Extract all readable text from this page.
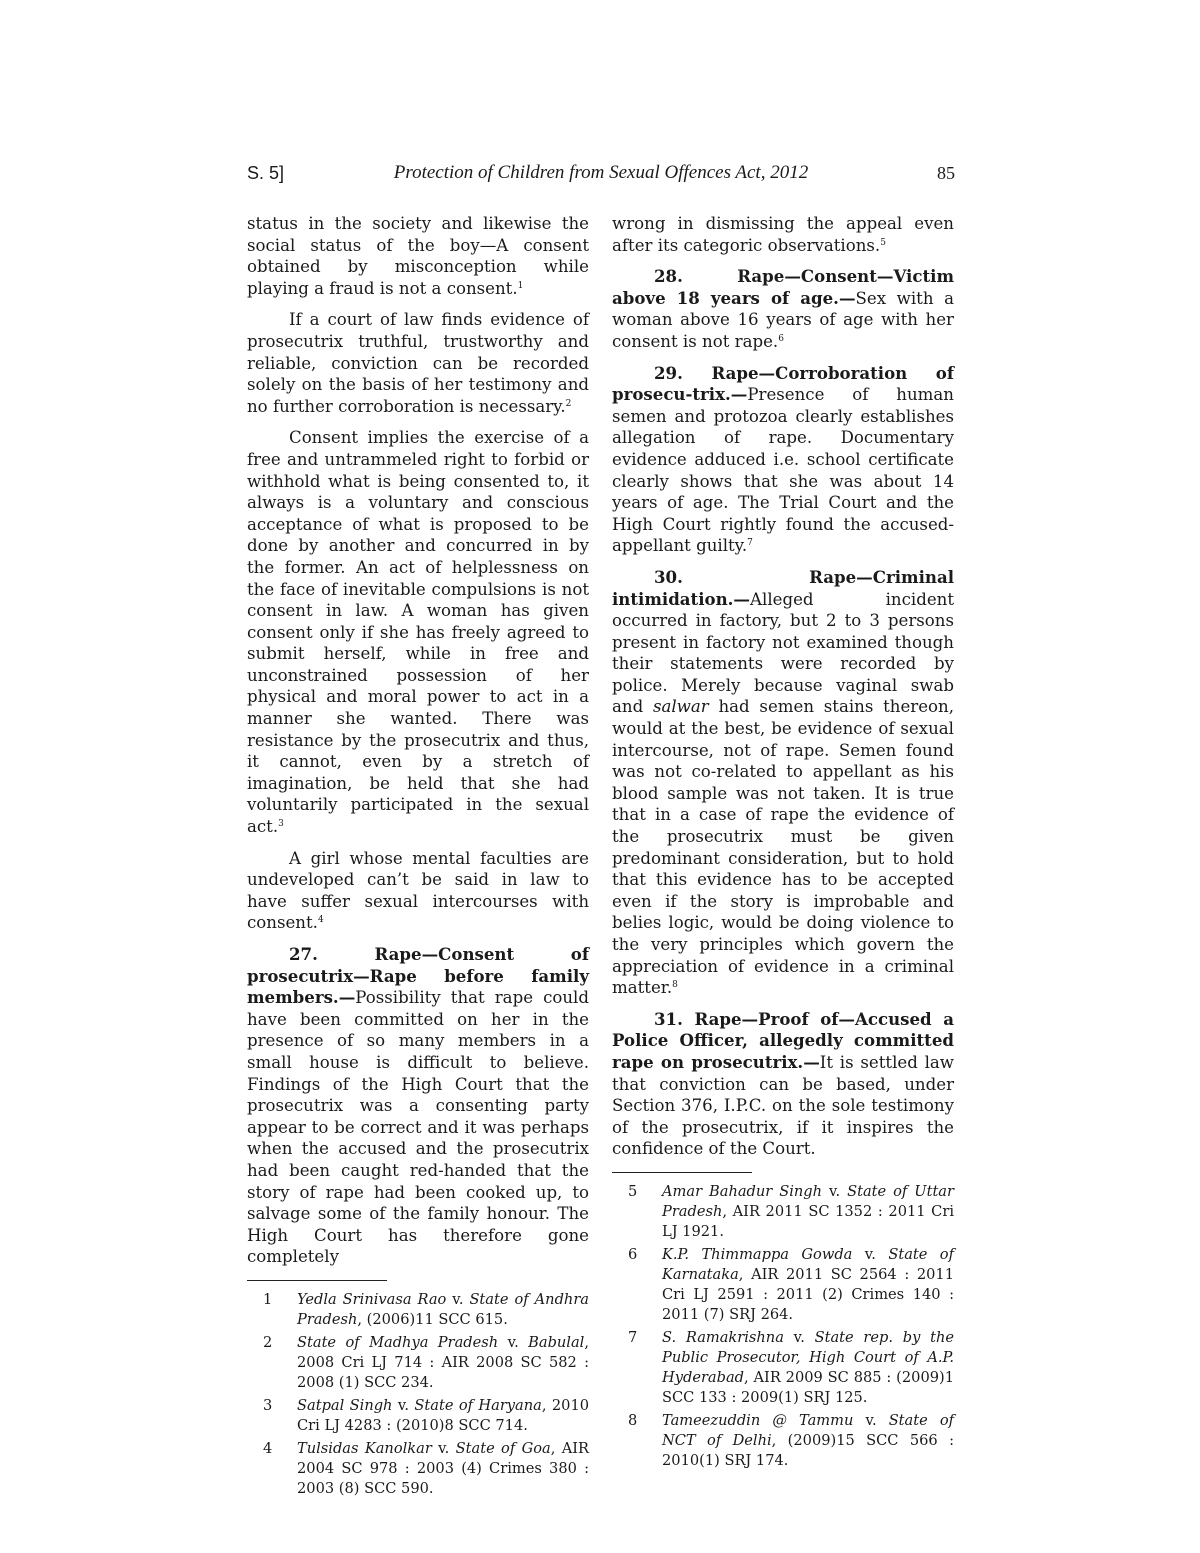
S. 5]	Protection of Children from Sexual Offences Act, 2012	85

status in the society and likewise the social status of the boy—A consent obtained by misconception while playing a fraud is not a consent.$^1$

If a court of law finds evidence of prosecutrix truthful, trustworthy and reliable, conviction can be recorded solely on the basis of her testimony and no further corroboration is necessary.$^2$

Consent implies the exercise of a free and untrammeled right to forbid or withhold what is being consented to, it always is a voluntary and conscious acceptance of what is proposed to be done by another and concurred in by the former. An act of helplessness on the face of inevitable compulsions is not consent in law. A woman has given consent only if she has freely agreed to submit herself, while in free and unconstrained possession of her physical and moral power to act in a manner she wanted. There was resistance by the prosecutrix and thus, it cannot, even by a stretch of imagination, be held that she had voluntarily participated in the sexual act.$^3$

A girl whose mental faculties are undeveloped can’t be said in law to have suffer sexual intercourses with consent.$^4$

27. Rape—Consent of prosecutrix—Rape before family members.—Possibility that rape could have been committed on her in the presence of so many members in a small house is difficult to believe. Findings of the High Court that the prosecutrix was a consenting party appear to be correct and it was perhaps when the accused and the prosecutrix had been caught red-handed that the story of rape had been cooked up, to salvage some of the family honour. The High Court has therefore gone completely

1	Yedla Srinivasa Rao v. State of Andhra Pradesh, (2006)11 SCC 615.
2	State of Madhya Pradesh v. Babulal, 2008 Cri LJ 714 : AIR 2008 SC 582 : 2008 (1) SCC 234.
3	Satpal Singh v. State of Haryana, 2010 Cri LJ 4283 : (2010)8 SCC 714.
4	Tulsidas Kanolkar v. State of Goa, AIR 2004 SC 978 : 2003 (4) Crimes 380 : 2003 (8) SCC 590.

wrong in dismissing the appeal even after its categoric observations.$^5$

28. Rape—Consent—Victim above 18 years of age.—Sex with a woman above 16 years of age with her consent is not rape.$^6$

29. Rape—Corroboration of prosecu-trix.—Presence of human semen and protozoa clearly establishes allegation of rape. Documentary evidence adduced i.e. school certificate clearly shows that she was about 14 years of age. The Trial Court and the High Court rightly found the accused-appellant guilty.$^7$

30. Rape—Criminal intimidation.—Alleged incident occurred in factory, but 2 to 3 persons present in factory not examined though their statements were recorded by police. Merely because vaginal swab and salwar had semen stains thereon, would at the best, be evidence of sexual intercourse, not of rape. Semen found was not co-related to appellant as his blood sample was not taken. It is true that in a case of rape the evidence of the prosecutrix must be given predominant consideration, but to hold that this evidence has to be accepted even if the story is improbable and belies logic, would be doing violence to the very principles which govern the appreciation of evidence in a criminal matter.$^8$

31. Rape—Proof of—Accused a Police Officer, allegedly committed rape on prosecutrix.—It is settled law that conviction can be based, under Section 376, I.P.C. on the sole testimony of the prosecutrix, if it inspires the confidence of the Court.

5	Amar Bahadur Singh v. State of Uttar Pradesh, AIR 2011 SC 1352 : 2011 Cri LJ 1921.
6	K.P. Thimmappa Gowda v. State of Karnataka, AIR 2011 SC 2564 : 2011 Cri LJ 2591 : 2011 (2) Crimes 140 : 2011 (7) SRJ 264.
7	S. Ramakrishna v. State rep. by the Public Prosecutor, High Court of A.P. Hyderabad, AIR 2009 SC 885 : (2009)1 SCC 133 : 2009(1) SRJ 125.
8	Tameezuddin @ Tammu v. State of NCT of Delhi, (2009)15 SCC 566 : 2010(1) SRJ 174.
